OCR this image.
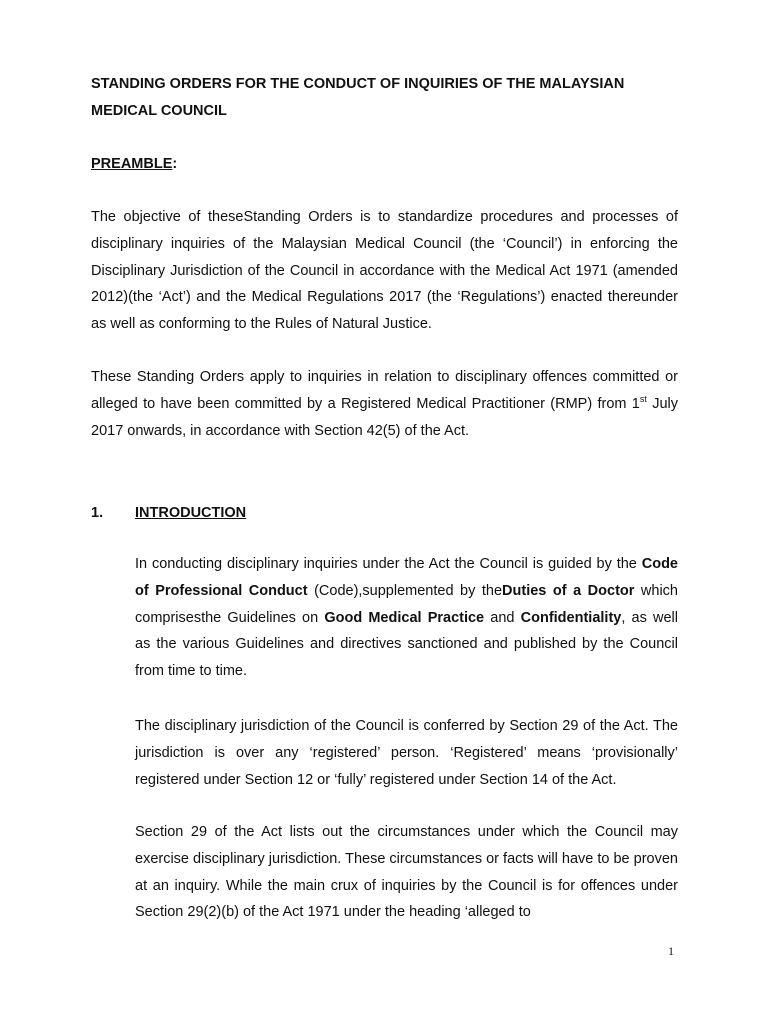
STANDING ORDERS FOR THE CONDUCT OF INQUIRIES OF THE MALAYSIAN MEDICAL COUNCIL

PREAMBLE:

The objective of theseStanding Orders is to standardize procedures and processes of disciplinary inquiries of the Malaysian Medical Council (the ‘Council’) in enforcing the Disciplinary Jurisdiction of the Council in accordance with the Medical Act 1971 (amended 2012)(the ‘Act’) and the Medical Regulations 2017 (the ‘Regulations’) enacted thereunder as well as conforming to the Rules of Natural Justice.

These Standing Orders apply to inquiries in relation to disciplinary offences committed or alleged to have been committed by a Registered Medical Practitioner (RMP) from 1st July 2017 onwards, in accordance with Section 42(5) of the Act.

1. INTRODUCTION

In conducting disciplinary inquiries under the Act the Council is guided by the Code of Professional Conduct (Code),supplemented by theDuties of a Doctor which comprisesthe Guidelines on Good Medical Practice and Confidentiality, as well as the various Guidelines and directives sanctioned and published by the Council from time to time.

The disciplinary jurisdiction of the Council is conferred by Section 29 of the Act. The jurisdiction is over any ‘registered’ person. ‘Registered’ means ‘provisionally’ registered under Section 12 or ‘fully’ registered under Section 14 of the Act.

Section 29 of the Act lists out the circumstances under which the Council may exercise disciplinary jurisdiction. These circumstances or facts will have to be proven at an inquiry. While the main crux of inquiries by the Council is for offences under Section 29(2)(b) of the Act 1971 under the heading ‘alleged to

1
